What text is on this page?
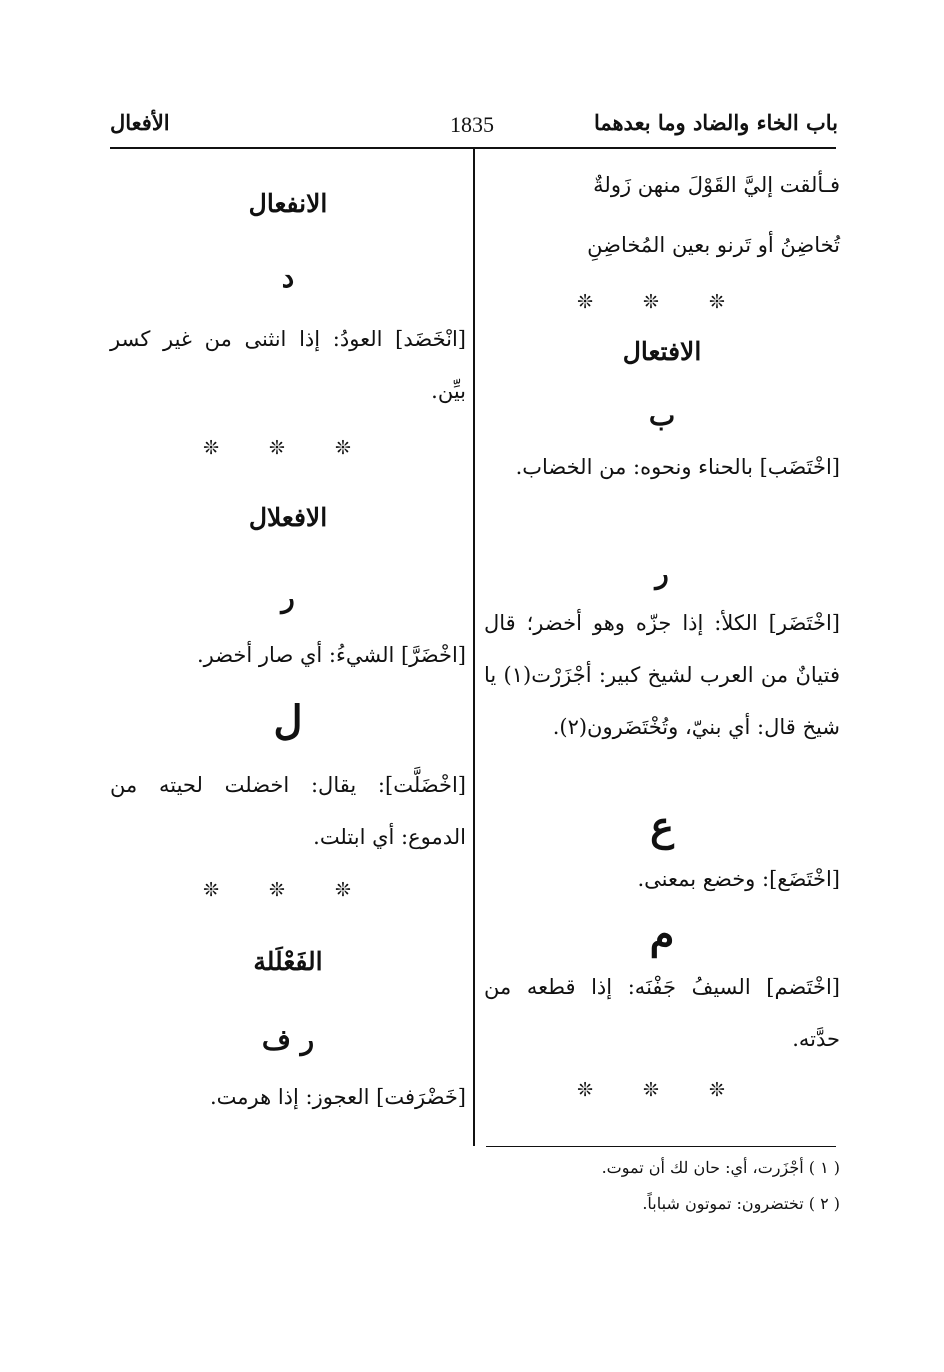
باب الخاء والضاد وما بعدهما
1835
الأفعال
فـألقت إليَّ القَوْلَ منهن زَولةٌ
تُخاضِنُ أو تَرنو بعين المُخاضِنِ
❊ ❊ ❊
الافتعال
ب
[اخْتَضَب] بالحناء ونحوه: من الخضاب.
ر
[اخْتَضَر] الكلأ: إذا جزّه وهو أخضر؛ قال فتيانٌ من العرب لشيخ كبير: أجْزَرْت(١) يا شيخ قال: أي بنيّ، وتُخْتَضَرون(٢).
ع
[اخْتَضَع]: وخضع بمعنى.
م
[اخْتَضم] السيفُ جَفْنَه: إذا قطعه من حدَّته.
❊ ❊ ❊
الانفعال
د
[انْخَضَد] العودُ: إذا انثنى من غير كسر بيِّن.
❊ ❊ ❊
الافعلال
ر
[اخْضَرَّ] الشيءُ: أي صار أخضر.
ل
[اخْضَلَّت]: يقال: اخضلت لحيته من الدموع: أي ابتلت.
❊ ❊ ❊
الفَعْلَلة
ر ف
[خَضْرَفت] العجوز: إذا هرمت.
( ١ ) أجْزَرت، أي: حان لك أن تموت.
( ٢ ) تختضرون: تموتون شباباً.
